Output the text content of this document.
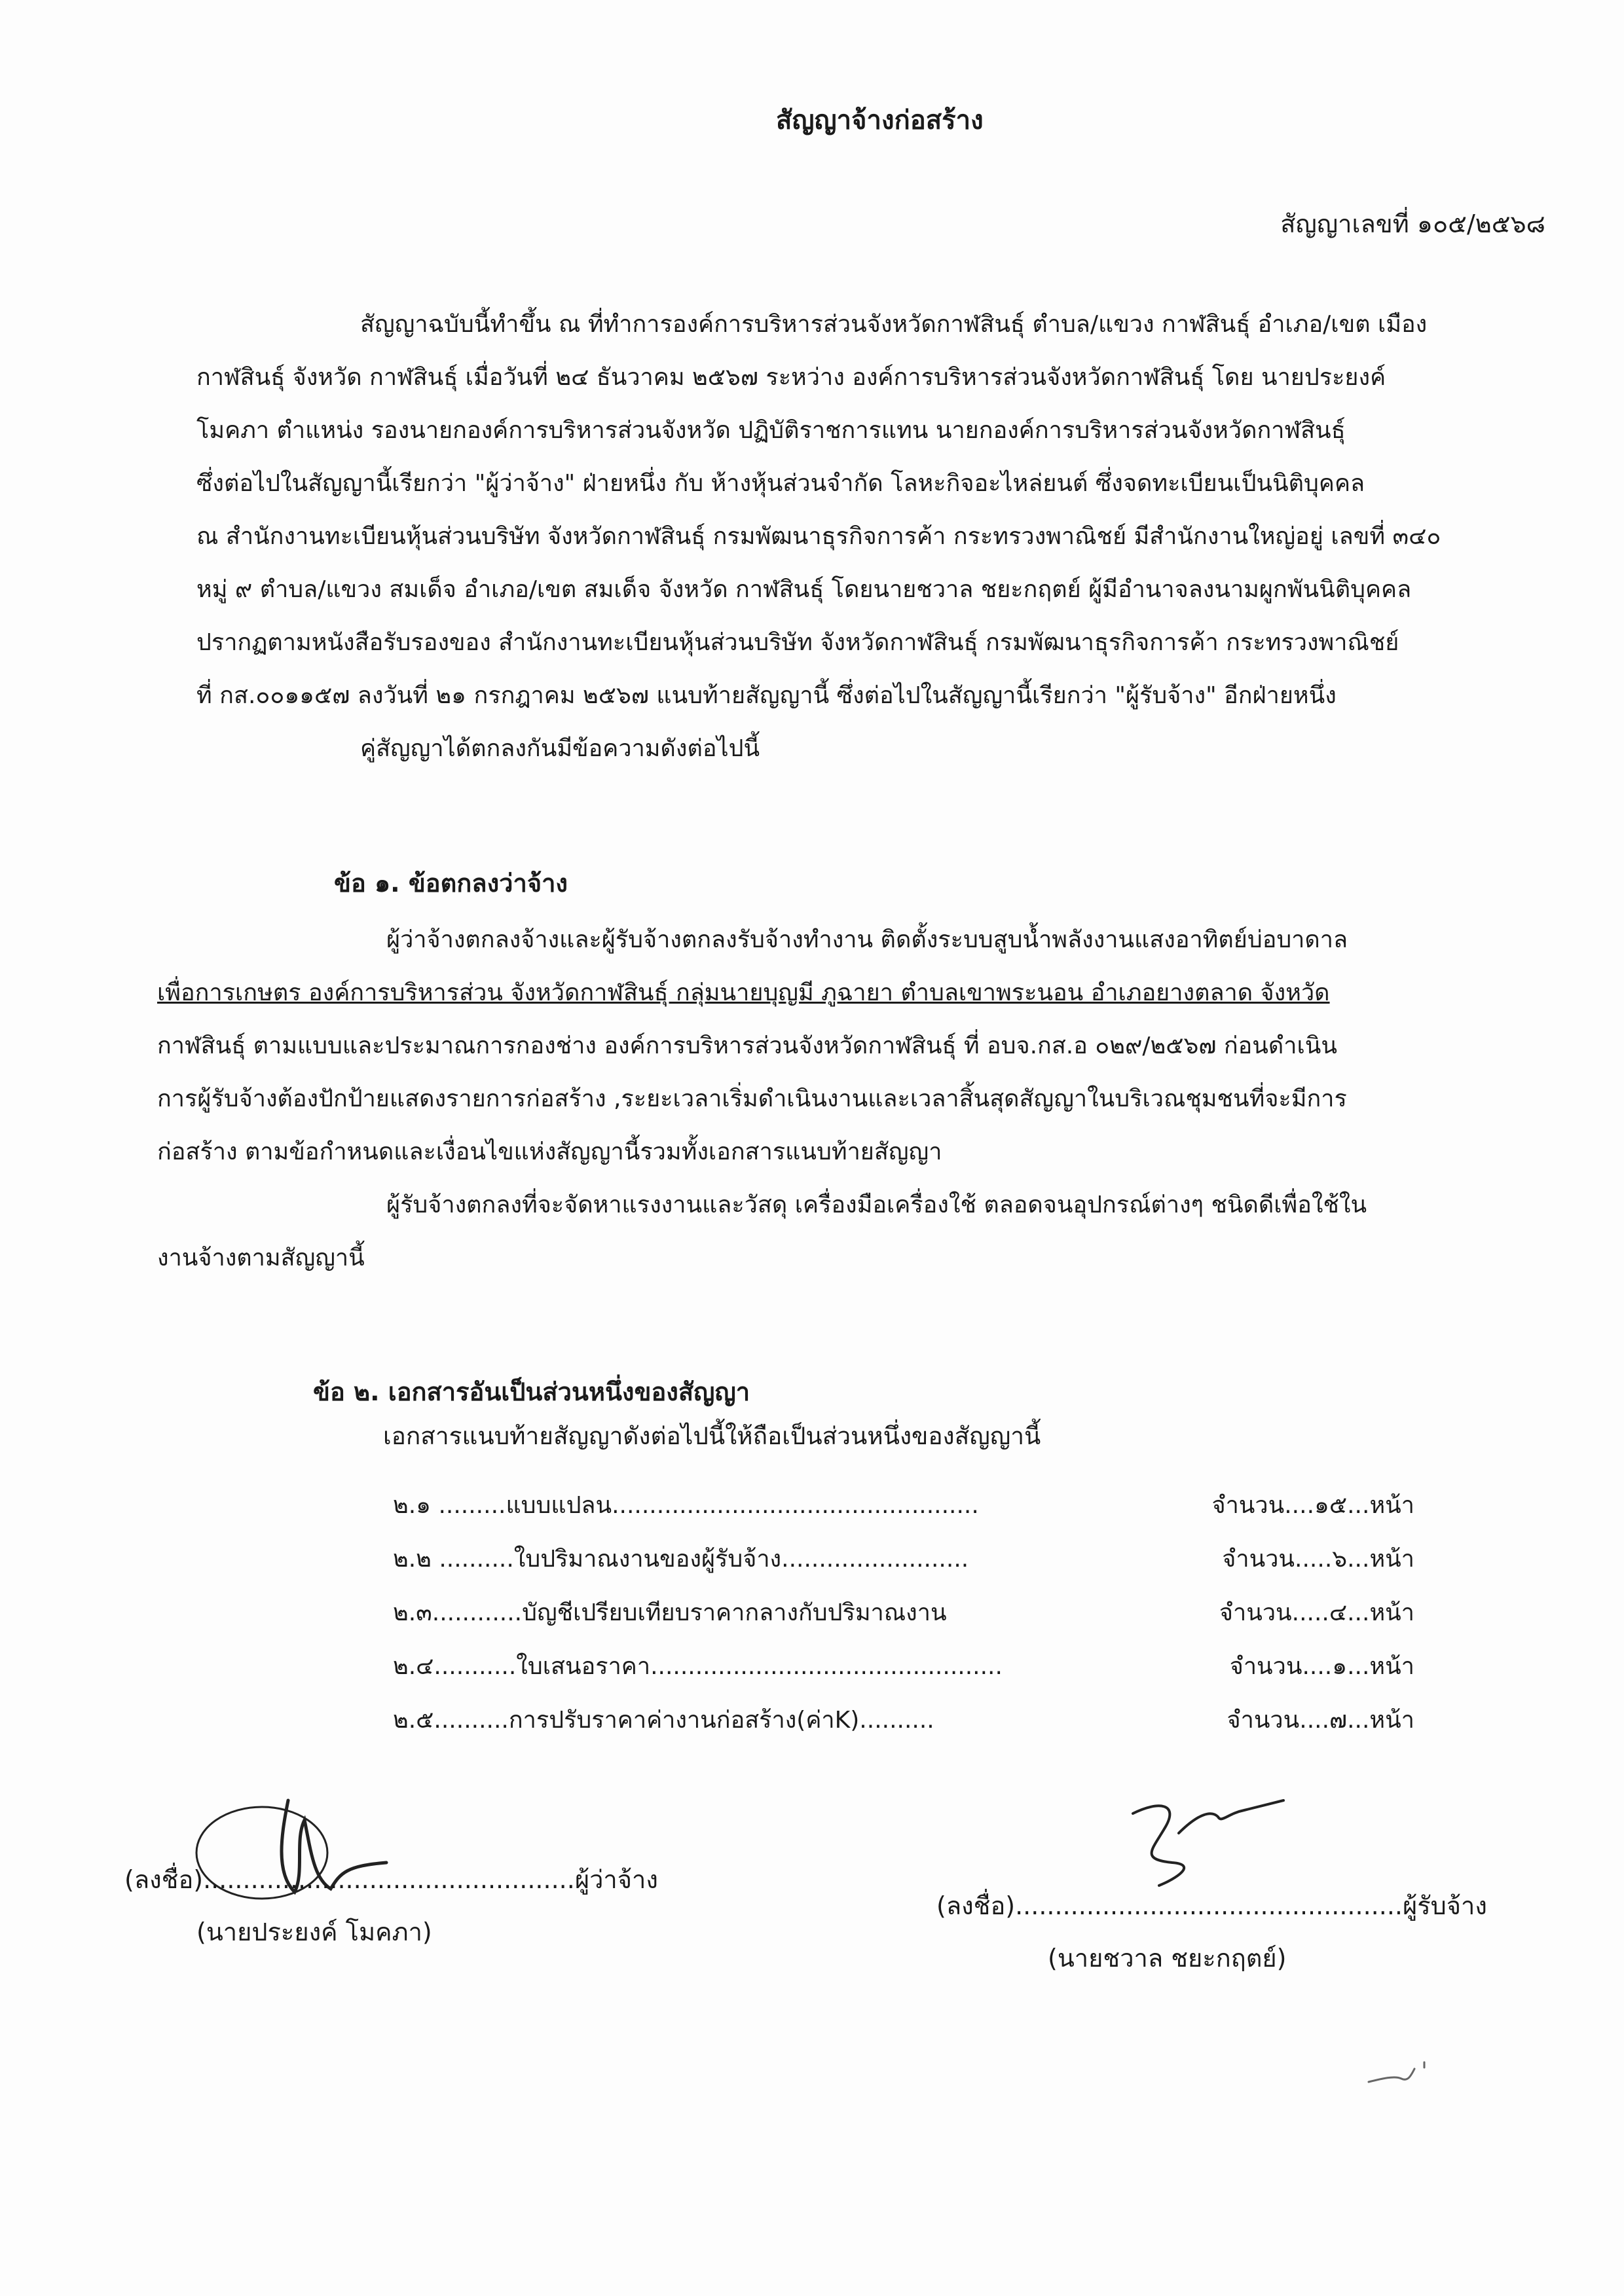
สัญญาจ้างก่อสร้าง
สัญญาเลขที่ ๑๐๕/๒๕๖๘
สัญญาฉบับนี้ทำขึ้น ณ ที่ทำการองค์การบริหารส่วนจังหวัดกาฬสินธุ์ ตำบล/แขวง กาฬสินธุ์ อำเภอ/เขต เมือง
กาฬสินธุ์ จังหวัด กาฬสินธุ์ เมื่อวันที่ ๒๔ ธันวาคม ๒๕๖๗ ระหว่าง องค์การบริหารส่วนจังหวัดกาฬสินธุ์ โดย นายประยงค์
โมคภา ตำแหน่ง รองนายกองค์การบริหารส่วนจังหวัด ปฏิบัติราชการแทน นายกองค์การบริหารส่วนจังหวัดกาฬสินธุ์
ซึ่งต่อไปในสัญญานี้เรียกว่า "ผู้ว่าจ้าง" ฝ่ายหนึ่ง กับ ห้างหุ้นส่วนจำกัด โลหะกิจอะไหล่ยนต์ ซึ่งจดทะเบียนเป็นนิติบุคคล
ณ สำนักงานทะเบียนหุ้นส่วนบริษัท จังหวัดกาฬสินธุ์ กรมพัฒนาธุรกิจการค้า กระทรวงพาณิชย์ มีสำนักงานใหญ่อยู่ เลขที่ ๓๔๐
หมู่ ๙ ตำบล/แขวง สมเด็จ อำเภอ/เขต สมเด็จ จังหวัด กาฬสินธุ์ โดยนายชวาล ชยะกฤตย์ ผู้มีอำนาจลงนามผูกพันนิติบุคคล
ปรากฏตามหนังสือรับรองของ สำนักงานทะเบียนหุ้นส่วนบริษัท จังหวัดกาฬสินธุ์ กรมพัฒนาธุรกิจการค้า กระทรวงพาณิชย์
ที่ กส.๐๐๑๑๕๗ ลงวันที่ ๒๑ กรกฎาคม ๒๕๖๗ แนบท้ายสัญญานี้ ซึ่งต่อไปในสัญญานี้เรียกว่า "ผู้รับจ้าง" อีกฝ่ายหนึ่ง
คู่สัญญาได้ตกลงกันมีข้อความดังต่อไปนี้
ข้อ ๑. ข้อตกลงว่าจ้าง
ผู้ว่าจ้างตกลงจ้างและผู้รับจ้างตกลงรับจ้างทำงาน ติดตั้งระบบสูบน้ำพลังงานแสงอาทิตย์บ่อบาดาล
เพื่อการเกษตร องค์การบริหารส่วน จังหวัดกาฬสินธุ์ กลุ่มนายบุญมี ภูฉายา ตำบลเขาพระนอน อำเภอยางตลาด จังหวัด
กาฬสินธุ์ ตามแบบและประมาณการกองช่าง องค์การบริหารส่วนจังหวัดกาฬสินธุ์ ที่ อบจ.กส.อ ๐๒๙/๒๕๖๗ ก่อนดำเนิน
การผู้รับจ้างต้องปักป้ายแสดงรายการก่อสร้าง ,ระยะเวลาเริ่มดำเนินงานและเวลาสิ้นสุดสัญญาในบริเวณชุมชนที่จะมีการ
ก่อสร้าง ตามข้อกำหนดและเงื่อนไขแห่งสัญญานี้รวมทั้งเอกสารแนบท้ายสัญญา
ผู้รับจ้างตกลงที่จะจัดหาแรงงานและวัสดุ เครื่องมือเครื่องใช้ ตลอดจนอุปกรณ์ต่างๆ ชนิดดีเพื่อใช้ใน
งานจ้างตามสัญญานี้
ข้อ ๒. เอกสารอันเป็นส่วนหนึ่งของสัญญา
เอกสารแนบท้ายสัญญาดังต่อไปนี้ให้ถือเป็นส่วนหนึ่งของสัญญานี้
๒.๑ .........แบบแปลน.................................................	จำนวน....๑๕...หน้า
๒.๒ ..........ใบปริมาณงานของผู้รับจ้าง.........................	จำนวน.....๖...หน้า
๒.๓............บัญชีเปรียบเทียบราคากลางกับปริมาณงาน	จำนวน.....๔...หน้า
๒.๔...........ใบเสนอราคา...............................................	จำนวน....๑...หน้า
๒.๕..........การปรับราคาค่างานก่อสร้าง(ค่าK)..........	จำนวน....๗...หน้า
(ลงชื่อ)...............................................ผู้ว่าจ้าง
(นายประยงค์ โมคภา)
(ลงชื่อ).................................................ผู้รับจ้าง
(นายชวาล ชยะกฤตย์)
